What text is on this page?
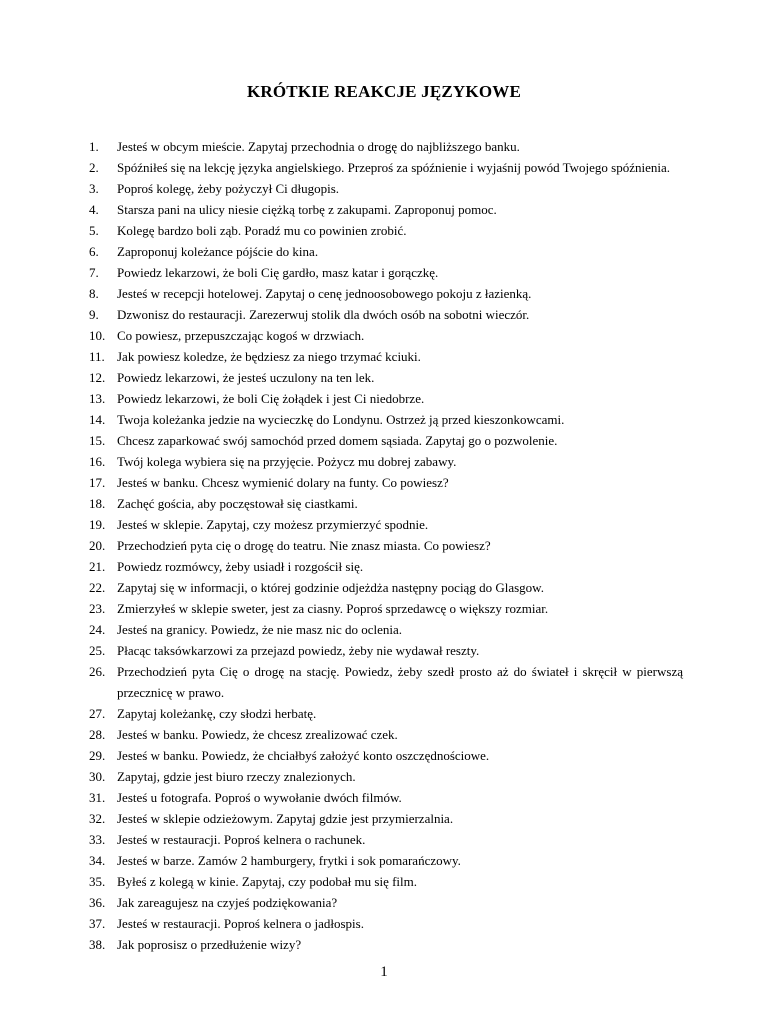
KRÓTKIE REAKCJE JĘZYKOWE
1.	Jesteś w obcym mieście. Zapytaj przechodnia o drogę do najbliższego banku.
2.	Spóźniłeś się na lekcję języka angielskiego. Przeproś za spóźnienie i wyjaśnij powód Twojego spóźnienia.
3.	Poproś kolegę, żeby pożyczył Ci długopis.
4.	Starsza pani na ulicy niesie ciężką torbę z zakupami. Zaproponuj pomoc.
5.	Kolegę bardzo boli ząb. Poradź mu co powinien zrobić.
6.	Zaproponuj koleżance pójście do kina.
7.	Powiedz lekarzowi, że boli Cię gardło, masz katar i gorączkę.
8.	Jesteś w recepcji hotelowej. Zapytaj o cenę jednoosobowego pokoju z łazienką.
9.	Dzwonisz do restauracji. Zarezerwuj stolik dla dwóch osób na sobotni wieczór.
10. Co powiesz, przepuszczając kogoś w drzwiach.
11. Jak powiesz koledze, że będziesz za niego trzymać kciuki.
12. Powiedz lekarzowi, że jesteś uczulony na ten lek.
13. Powiedz lekarzowi, że boli Cię żołądek i jest Ci niedobrze.
14. Twoja koleżanka jedzie na wycieczkę do Londynu. Ostrzeż ją przed kieszonkowcami.
15. Chcesz zaparkować swój samochód przed domem sąsiada. Zapytaj go o pozwolenie.
16. Twój kolega wybiera się na przyjęcie. Pożycz mu dobrej zabawy.
17. Jesteś w banku. Chcesz wymienić dolary na funty. Co powiesz?
18. Zachęć gościa, aby poczęstował się ciastkami.
19. Jesteś w sklepie. Zapytaj, czy możesz przymierzyć spodnie.
20. Przechodzień pyta cię o drogę do teatru. Nie znasz miasta. Co powiesz?
21. Powiedz rozmówcy, żeby usiadł i rozgościł się.
22. Zapytaj się w informacji, o której godzinie odjeżdża następny pociąg do Glasgow.
23. Zmierzyłeś w sklepie sweter, jest za ciasny. Poproś sprzedawcę o większy rozmiar.
24. Jesteś na granicy. Powiedz, że nie masz nic do oclenia.
25. Płacąc taksówkarzowi za przejazd powiedz, żeby nie wydawał reszty.
26. Przechodzień pyta Cię o drogę na stację. Powiedz, żeby szedł prosto aż do świateł i skręcił w pierwszą przecznicę w prawo.
27. Zapytaj koleżankę, czy słodzi herbatę.
28. Jesteś w banku. Powiedz, że chcesz zrealizować czek.
29. Jesteś w banku. Powiedz, że chciałbyś założyć konto oszczędnościowe.
30. Zapytaj, gdzie jest biuro rzeczy znalezionych.
31. Jesteś u fotografa. Poproś o wywołanie dwóch filmów.
32. Jesteś w sklepie odzieżowym. Zapytaj gdzie jest przymierzalnia.
33. Jesteś w restauracji. Poproś kelnera o rachunek.
34. Jesteś w barze. Zamów 2 hamburgery, frytki i sok pomarańczowy.
35. Byłeś z kolegą w kinie. Zapytaj, czy podobał mu się film.
36. Jak zareagujesz na czyjeś podziękowania?
37. Jesteś w restauracji. Poproś kelnera o jadłospis.
38. Jak poprosisz o przedłużenie wizy?
1
